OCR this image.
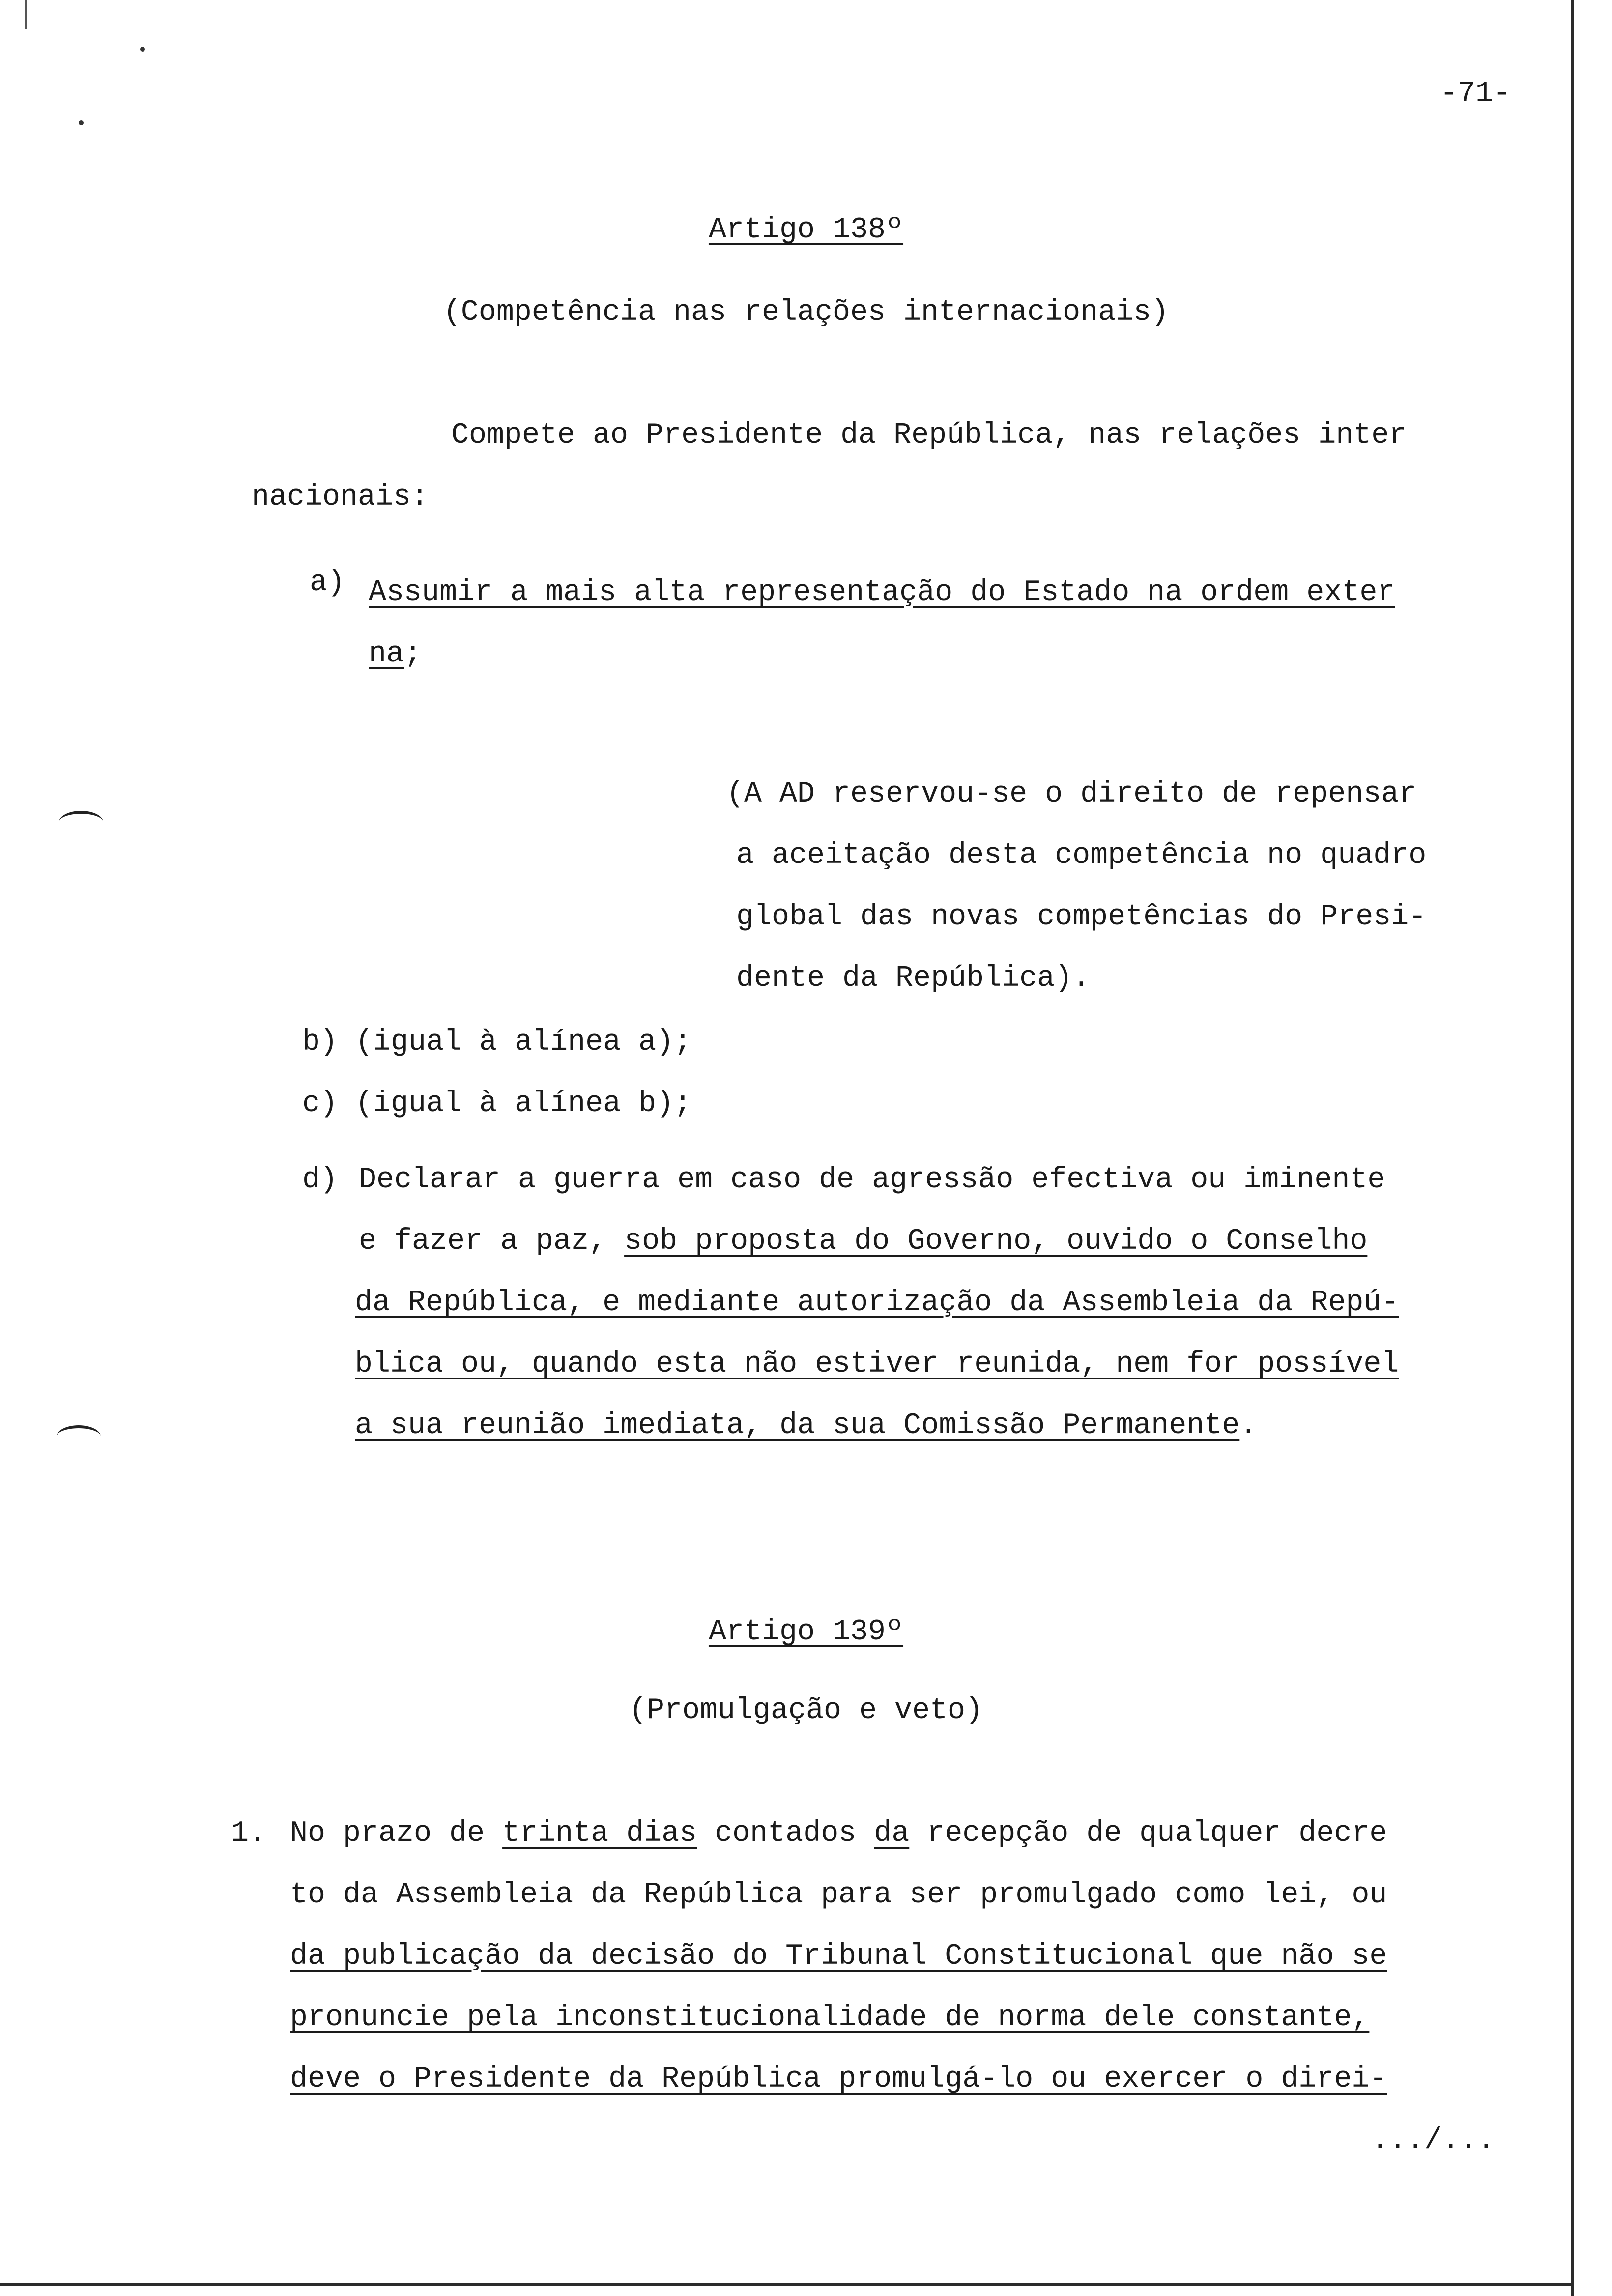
-71-
Artigo 138º
(Competência nas relações internacionais)
Compete ao Presidente da República, nas relações inter
nacionais:
a) Assumir a mais alta representação do Estado na ordem exter
na;
(A AD reservou-se o direito de repensar
a aceitação desta competência no quadro
global das novas competências do Presi-
dente da República).
b) (igual à alínea a);
c) (igual à alínea b);
d) Declarar a guerra em caso de agressão efectiva ou iminente
e fazer a paz, sob proposta do Governo, ouvido o Conselho
da República, e mediante autorização da Assembleia da Repú-
blica ou, quando esta não estiver reunida, nem for possível
a sua reunião imediata, da sua Comissão Permanente.
Artigo 139º
(Promulgação e veto)
1. No prazo de trinta dias contados da recepção de qualquer decre
to da Assembleia da República para ser promulgado como lei, ou
da publicação da decisão do Tribunal Constitucional que não se
pronuncie pela inconstitucionalidade de norma dele constante,
deve o Presidente da República promulgá-lo ou exercer o direi-
.../...
